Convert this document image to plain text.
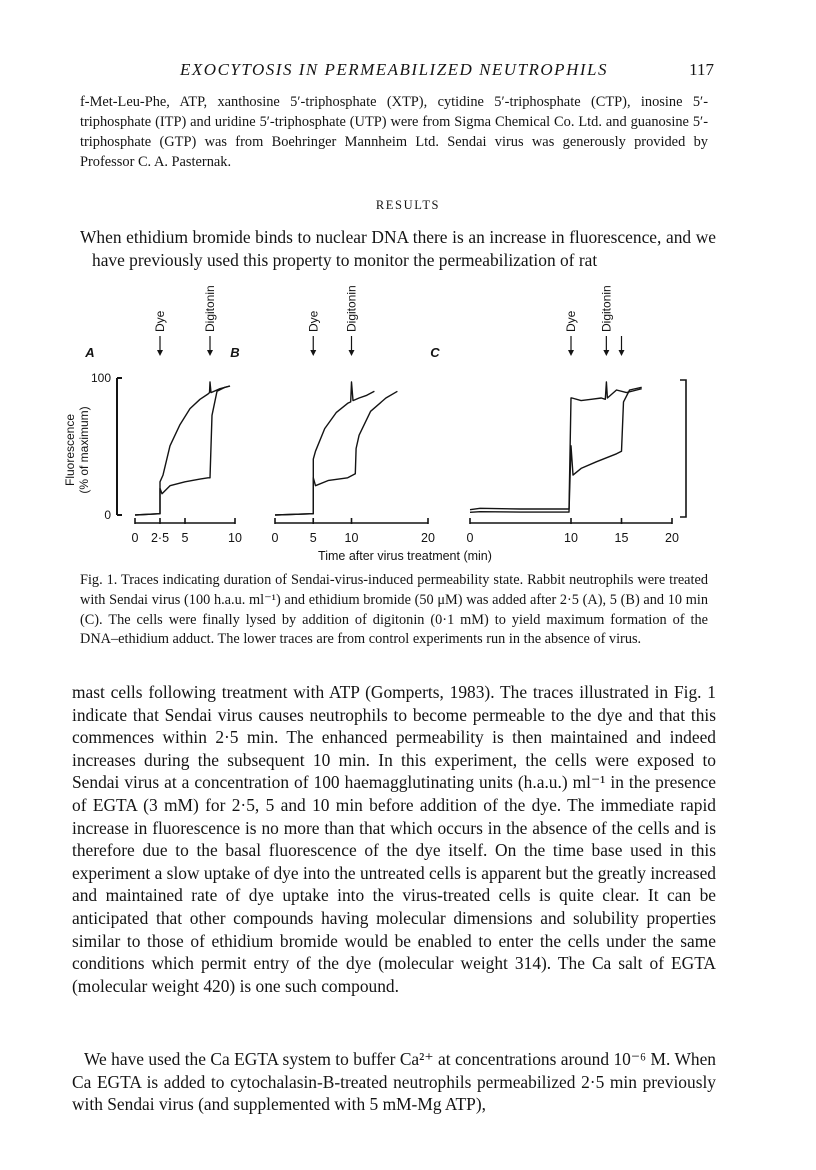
EXOCYTOSIS IN PERMEABILIZED NEUTROPHILS	117
f-Met-Leu-Phe, ATP, xanthosine 5′-triphosphate (XTP), cytidine 5′-triphosphate (CTP), inosine 5′-triphosphate (ITP) and uridine 5′-triphosphate (UTP) were from Sigma Chemical Co. Ltd. and guanosine 5′-triphosphate (GTP) was from Boehringer Mannheim Ltd. Sendai virus was generously provided by Professor C. A. Pasternak.
RESULTS

When ethidium bromide binds to nuclear DNA there is an increase in fluorescence, and we have previously used this property to monitor the permeabilization of rat

100
0
Fluorescence (% of maximum)
0 2·5 5	10
A
Dye	Digitonin
0	5 10	20
B
Dye Digitonin
0	10	15	20
C
Dye Digitonin
Time after virus treatment (min)
Fig. 1. Traces indicating duration of Sendai-virus-induced permeability state. Rabbit neutrophils were treated with Sendai virus (100 h.a.u. ml⁻¹) and ethidium bromide (50 μM) was added after 2·5 (A), 5 (B) and 10 min (C). The cells were finally lysed by addition of digitonin (0·1 mM) to yield maximum formation of the DNA–ethidium adduct. The lower traces are from control experiments run in the absence of virus.

mast cells following treatment with ATP (Gomperts, 1983). The traces illustrated in Fig. 1 indicate that Sendai virus causes neutrophils to become permeable to the dye and that this commences within 2·5 min. The enhanced permeability is then maintained and indeed increases during the subsequent 10 min. In this experiment, the cells were exposed to Sendai virus at a concentration of 100 haemagglutinating units (h.a.u.) ml⁻¹ in the presence of EGTA (3 mM) for 2·5, 5 and 10 min before addition of the dye. The immediate rapid increase in fluorescence is no more than that which occurs in the absence of the cells and is therefore due to the basal fluorescence of the dye itself. On the time base used in this experiment a slow uptake of dye into the untreated cells is apparent but the greatly increased and maintained rate of dye uptake into the virus-treated cells is quite clear. It can be anticipated that other compounds having molecular dimensions and solubility properties similar to those of ethidium bromide would be enabled to enter the cells under the same conditions which permit entry of the dye (molecular weight 314). The Ca salt of EGTA (molecular weight 420) is one such compound.

We have used the Ca EGTA system to buffer Ca²⁺ at concentrations around 10⁻⁶ M. When Ca EGTA is added to cytochalasin-B-treated neutrophils permeabilized 2·5 min previously with Sendai virus (and supplemented with 5 mM-Mg ATP),
